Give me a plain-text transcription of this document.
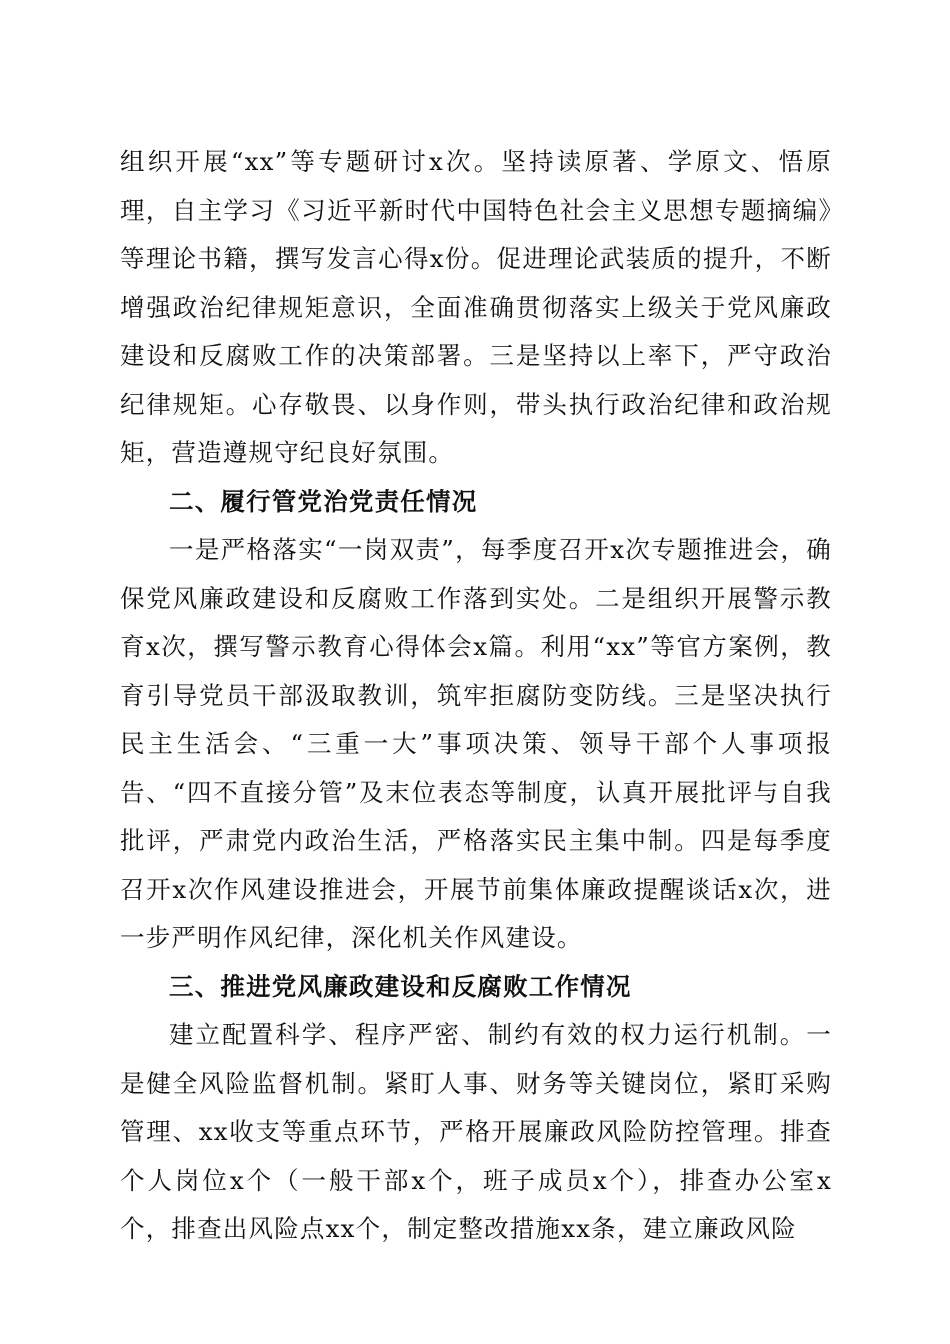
组织开展“xx”等专题研讨x次。坚持读原著、学原文、悟原理，自主学习《习近平新时代中国特色社会主义思想专题摘编》等理论书籍，撰写发言心得x份。促进理论武装质的提升，不断增强政治纪律规矩意识，全面准确贯彻落实上级关于党风廉政建设和反腐败工作的决策部署。三是坚持以上率下，严守政治纪律规矩。心存敬畏、以身作则，带头执行政治纪律和政治规矩，营造遵规守纪良好氛围。

二、履行管党治党责任情况

一是严格落实“一岗双责”，每季度召开x次专题推进会，确保党风廉政建设和反腐败工作落到实处。二是组织开展警示教育x次，撰写警示教育心得体会x篇。利用“xx”等官方案例，教育引导党员干部汲取教训，筑牢拒腐防变防线。三是坚决执行民主生活会、“三重一大”事项决策、领导干部个人事项报告、“四不直接分管”及末位表态等制度，认真开展批评与自我批评，严肃党内政治生活，严格落实民主集中制。四是每季度召开x次作风建设推进会，开展节前集体廉政提醒谈话x次，进一步严明作风纪律，深化机关作风建设。

三、推进党风廉政建设和反腐败工作情况

建立配置科学、程序严密、制约有效的权力运行机制。一是健全风险监督机制。紧盯人事、财务等关键岗位，紧盯采购管理、xx收支等重点环节，严格开展廉政风险防控管理。排查个人岗位x个（一般干部x个，班子成员x个），排查办公室x个，排查出风险点xx个，制定整改措施xx条，建立廉政风险
